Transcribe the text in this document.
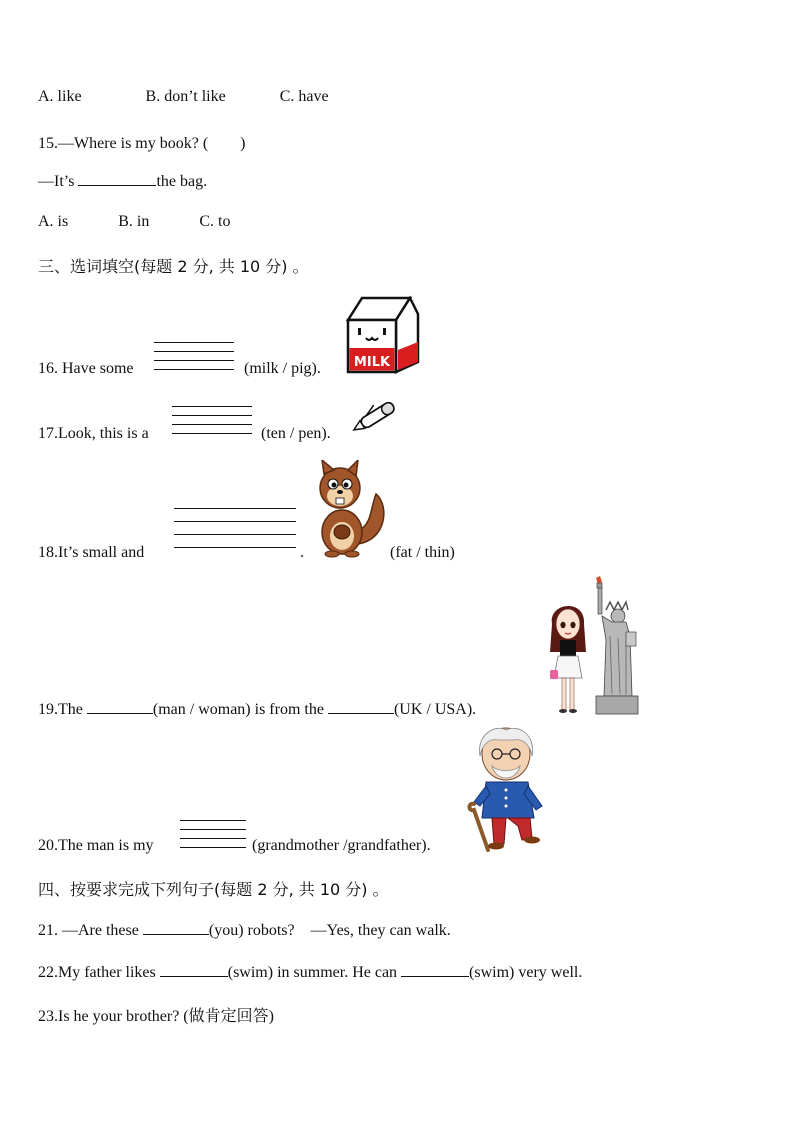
A. like	B. don’t like	C. have
15.—Where is my book? (　　)
—It’s	the bag.
A. is	B. in	C. to
三、选词填空(每题 2 分, 共 10 分) 。
16. Have some	(milk / pig).	MILK
17.Look, this is a	(ten / pen).
18.It’s small and	.	(fat / thin)
19.The	(man / woman) is from the	(UK / USA).
20.The man is my	(grandmother /grandfather).
四、按要求完成下列句子(每题 2 分, 共 10 分) 。
21. —Are these	(you) robots? —Yes, they can walk.
22.My father likes	(swim) in summer. He can	(swim) very well.
23.Is he your brother? (做肯定回答)
